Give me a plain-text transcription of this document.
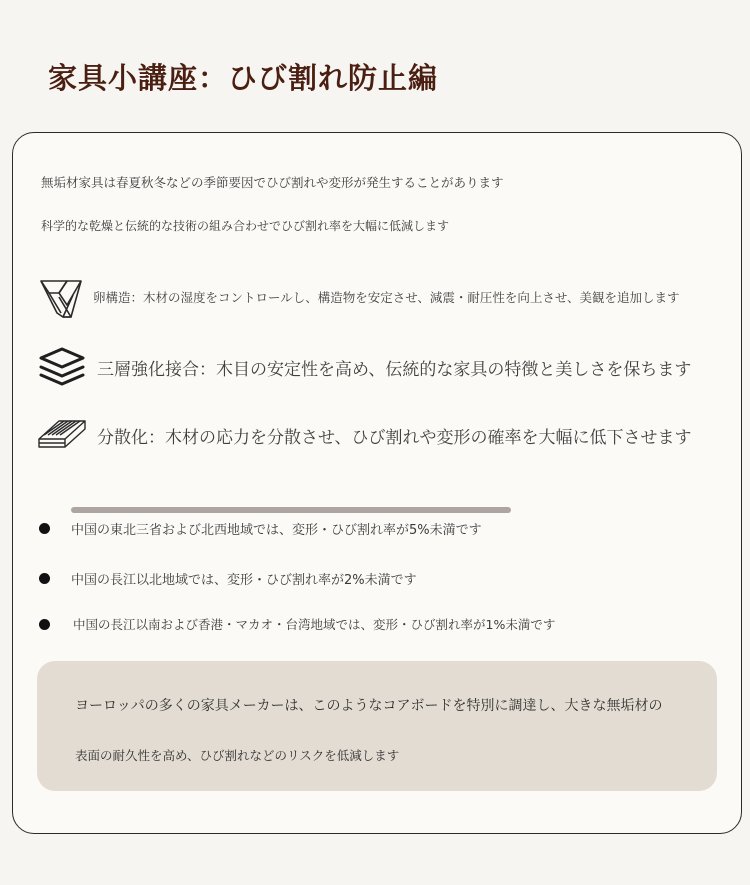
家具小講座：ひび割れ防止編
無垢材家具は春夏秋冬などの季節要因でひび割れや変形が発生することがあります
科学的な乾燥と伝統的な技術の組み合わせでひび割れ率を大幅に低減します
卵構造：木材の湿度をコントロールし、構造物を安定させ、減震・耐圧性を向上させ、美観を追加します
三層強化接合：木目の安定性を高め、伝統的な家具の特徴と美しさを保ちます
分散化：木材の応力を分散させ、ひび割れや変形の確率を大幅に低下させます
中国の東北三省および北西地域では、変形・ひび割れ率が5%未満です
中国の長江以北地域では、変形・ひび割れ率が2%未満です
中国の長江以南および香港・マカオ・台湾地域では、変形・ひび割れ率が1%未満です
ヨーロッパの多くの家具メーカーは、このようなコアボードを特別に調達し、大きな無垢材の
表面の耐久性を高め、ひび割れなどのリスクを低減します
